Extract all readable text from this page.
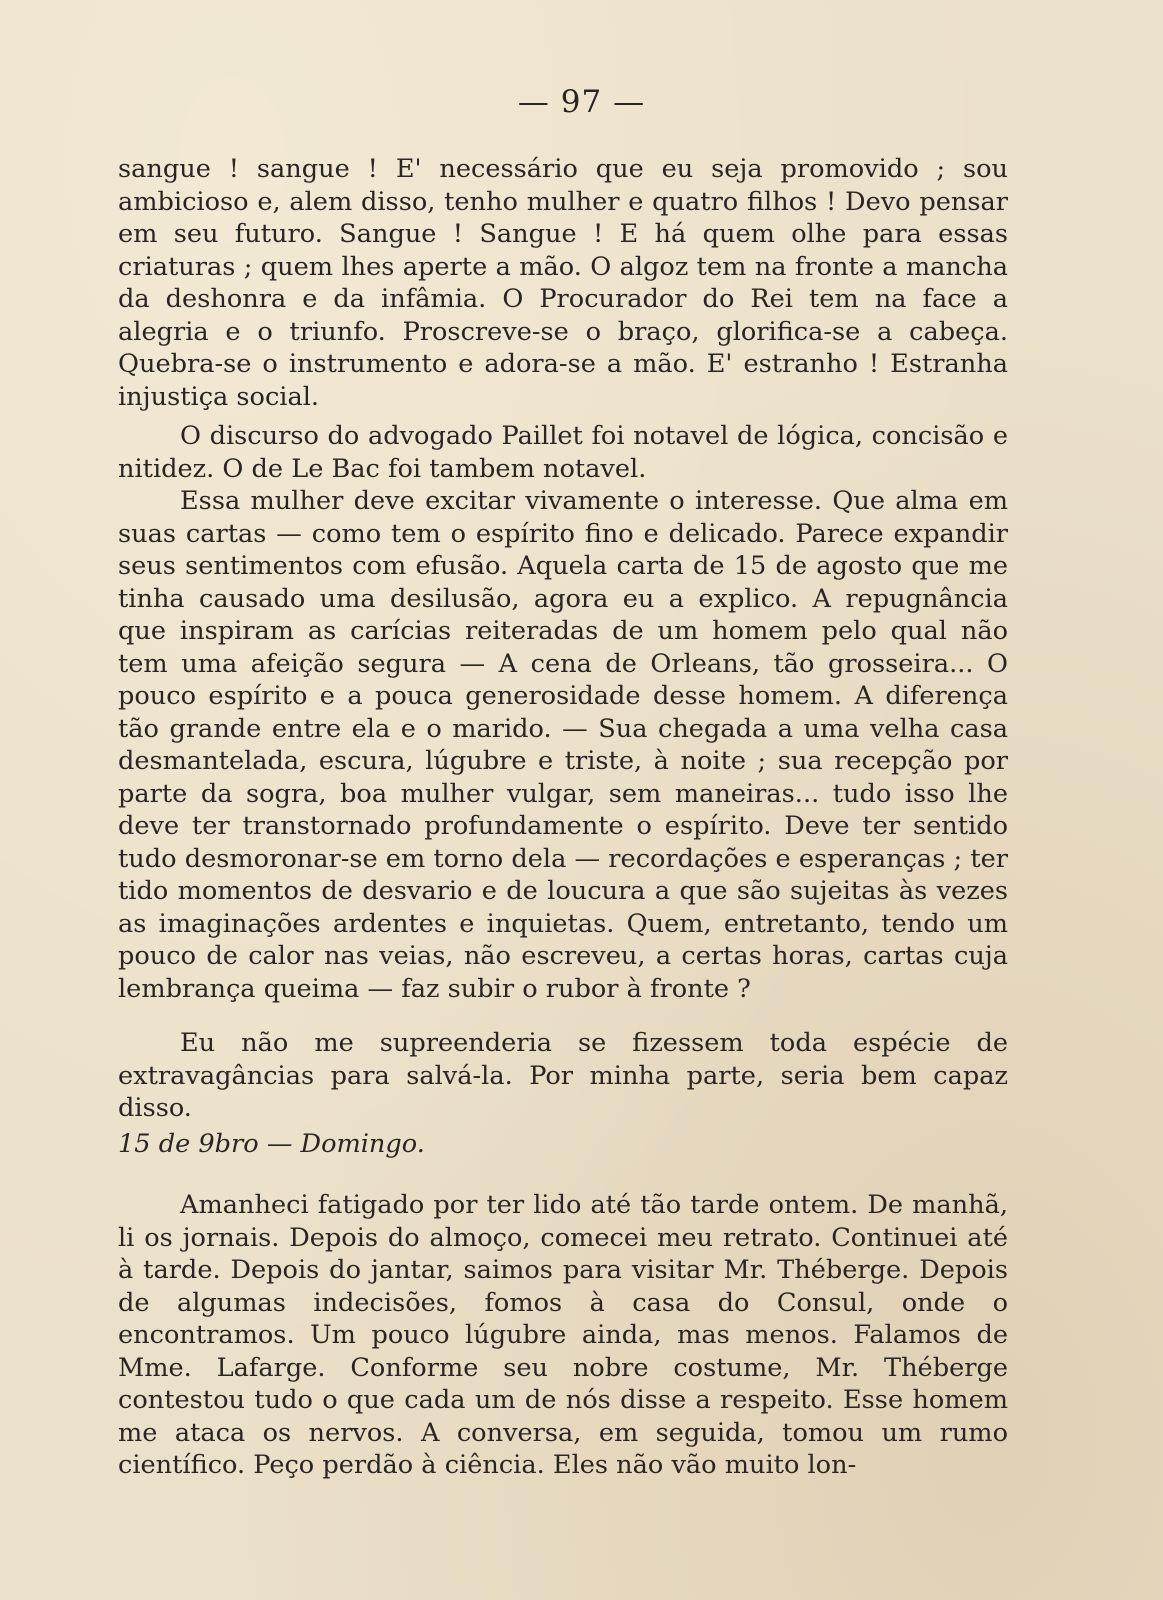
— 97 —

sangue ! sangue ! E' necessário que eu seja promovido ; sou ambicioso e, alem disso, tenho mulher e quatro filhos ! Devo pensar em seu futuro. Sangue ! Sangue ! E há quem olhe para essas criaturas ; quem lhes aperte a mão. O algoz tem na fronte a mancha da deshonra e da infâmia. O Procurador do Rei tem na face a alegria e o triunfo. Proscreve-se o braço, glorifica-se a cabeça. Quebra-se o instrumento e adora-se a mão. E' estranho ! Estranha injustiça social.

O discurso do advogado Paillet foi notavel de lógica, concisão e nitidez. O de Le Bac foi tambem notavel.

Essa mulher deve excitar vivamente o interesse. Que alma em suas cartas — como tem o espírito fino e delicado. Parece expandir seus sentimentos com efusão. Aquela carta de 15 de agosto que me tinha causado uma desilusão, agora eu a explico. A repugnância que inspiram as carícias reiteradas de um homem pelo qual não tem uma afeição segura — A cena de Orleans, tão grosseira... O pouco espírito e a pouca generosidade desse homem. A diferença tão grande entre ela e o marido. — Sua chegada a uma velha casa desmantelada, escura, lúgubre e triste, à noite ; sua recepção por parte da sogra, boa mulher vulgar, sem maneiras... tudo isso lhe deve ter transtornado profundamente o espírito. Deve ter sentido tudo desmoronar-se em torno dela — recordações e esperanças ; ter tido momentos de desvario e de loucura a que são sujeitas às vezes as imaginações ardentes e inquietas. Quem, entretanto, tendo um pouco de calor nas veias, não escreveu, a certas horas, cartas cuja lembrança queima — faz subir o rubor à fronte ?

Eu não me supreenderia se fizessem toda espécie de extravagâncias para salvá-la. Por minha parte, seria bem capaz disso.

15 de 9bro — Domingo.

Amanheci fatigado por ter lido até tão tarde ontem. De manhã, li os jornais. Depois do almoço, comecei meu retrato. Continuei até à tarde. Depois do jantar, saimos para visitar Mr. Théberge. Depois de algumas indecisões, fomos à casa do Consul, onde o encontramos. Um pouco lúgubre ainda, mas menos. Falamos de Mme. Lafarge. Conforme seu nobre costume, Mr. Théberge contestou tudo o que cada um de nós disse a respeito. Esse homem me ataca os nervos. A conversa, em seguida, tomou um rumo científico. Peço perdão à ciência. Eles não vão muito lon-
